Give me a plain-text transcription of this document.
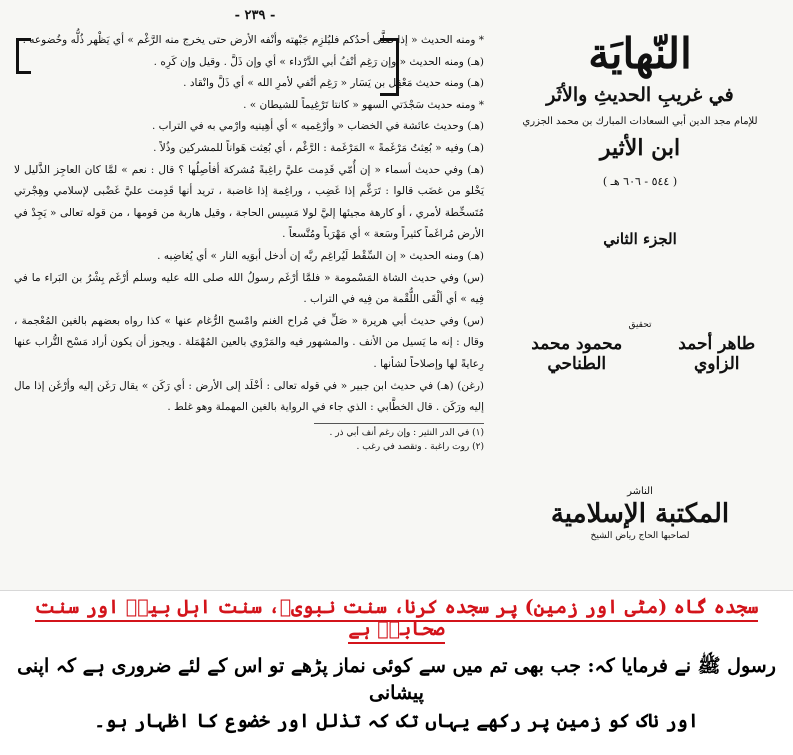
- ٢٣٩ -

* ومنه الحديث « إذا صلَّى أحدُكم فليُلزِم جَبْهته وأنْفه الأرض حتى يخرج منه الرَّغْم » أي يَظْهر ذُلُّه وخُضوعه .

(هـ) ومنه الحديث « وإن رَغِم أنْفُ أبي الدَّرْداء » أي وإن ذَلَّ . وقيل وإن كَرِه .

(هـ) ومنه حديث مَعْقِل بن يَسَار « رَغِم أنْفي لأمرِ الله » أي ذَلَّ وانْقاد .

* ومنه حديث سَجْدَتي السهو « كانتا تَرْغِيماً للشيطان » .

(هـ) وحديث عائشة في الخضاب « وأرْغِميه » أي أهِينيه وارْمي به في التراب .

(هـ) وفيه « بُعِثتُ مَرْغَمةً » المَرْغَمة : الرَّغْم ، أي بُعِثت هَواناً للمشركين وذُلاً .

(هـ) وفي حديث أسماء « إن أُمّي قَدِمت عليَّ راغِبةً مُشركة أفأصِلُها ؟ قال : نعم » لمَّا كان العاجِز الذَّليل لا يَخْلو من غضَب قالوا : تَرَغَّم إذا غَضِب ، وراغِمة إذا غاضبة ، تريد أنها قَدِمت عليَّ غَضْبى لإسلامي وهِجْرتي مُتَسخِّطة لأمري ، أو كارهة مجيئها إليَّ لولا مَسِيس الحاجة ، وقيل هاربة من قومها ، من قوله تعالى « يَجِدْ في الأرض مُراغَماً كثيراً وسَعة » أي مَهْرَباً ومُتَّسعاً .

(هـ) ومنه الحديث « إن السِّقْط لَيُراغِم ربَّه إن أدخل أبوَيه النار » أي يُغاضِبه .

(س) وفي حديث الشاة المَسْمومة « فلمَّا أرْغَم رسولُ الله صلى الله عليه وسلم أرْغَم بِشْرُ بن البَراء ما في فِيه » أي ألْقَى اللُّقْمة من فِيه في التراب .

(س) وفي حديث أبي هريرة « صَلِّ في مُراح الغنم وامْسح الرُّغام عنها » كذا رواه بعضهم بالغين المُعْجمة ، وقال : إنه ما يَسيل من الأنف . والمشهور فيه والمَرْوي بالعين المُهْمَلة . ويجوز أن يكون أراد مَسْح التُّراب عنها رِعايةً لها وإصلاحاً لشأنها .

(رغن) (هـ) في حديث ابن جبير « في قوله تعالى : أخْلَد إلى الأرض : أي رَكَن » يقال رَغَن إليه وأرْغَن إذا مال إليه ورَكَن . قال الخطَّابي : الذي جاء في الرواية بالغين المهملة وهو غلط .

(١) في الدر النثير : وإن رغم أنف أبي ذر .
(٢) روت راغبة . وتقصد في رغب .
النّهايَة
في غريبِ الحديثِ والأثَر
للإمام مجد الدين أبي السعادات المبارك بن محمد الجزري
ابن الأثير
( ٥٤٤ - ٦٠٦ هـ )
الجزء الثاني
تحقيق
طاهر أحمد الزاوي
محمود محمد الطناحي
الناشر
المكتبة الإسلامية
لصاحبها الحاج رياض الشيخ
سجدہ گاہ (مٹی اور زمین) پر سجدہ کرنا، سنت نبویﷺ، سنت اہل بیتؑ اور سنت صحابہؓ ہے
رسول ﷺ نے فرمایا کہ: جب بھی تم میں سے کوئی نماز پڑھے تو اس کے لئے ضروری ہے کہ اپنی پیشانی
اور ناک کو زمین پر رکھے یہاں تک کہ تذلل اور خضوع کا اظہار ہو۔
